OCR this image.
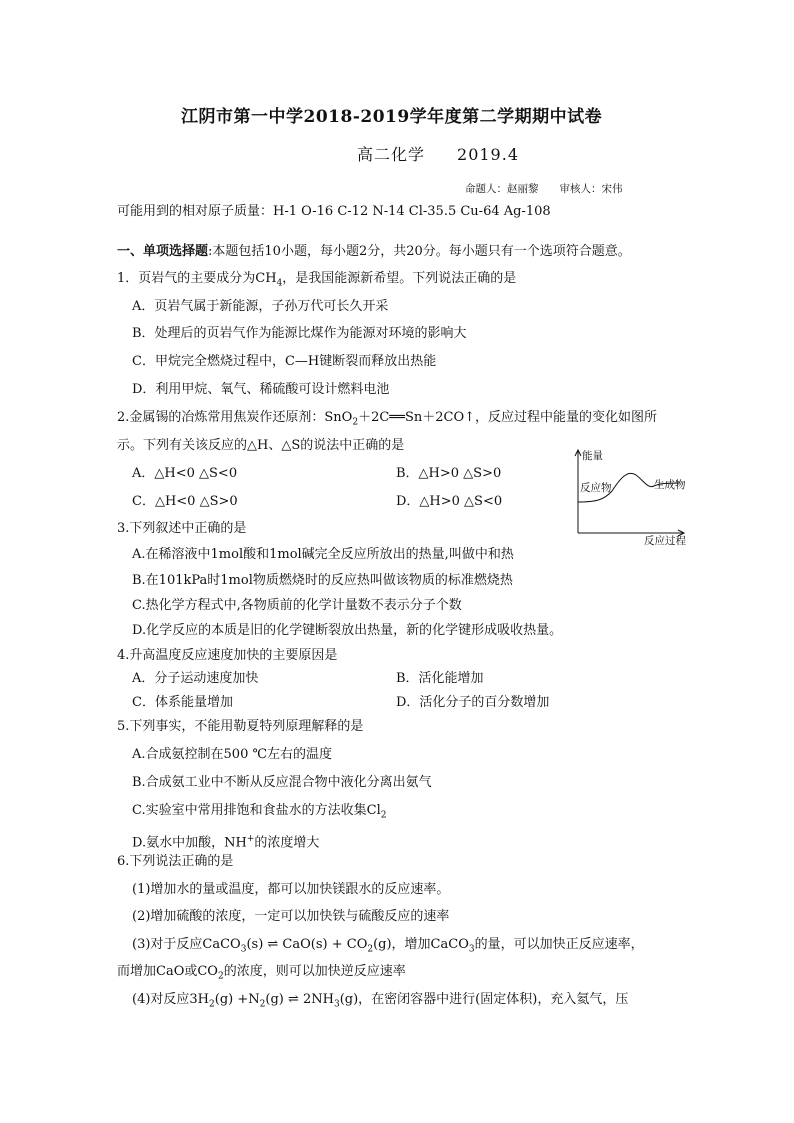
江阴市第一中学2018-2019学年度第二学期期中试卷
高二化学 2019.4
命题人：赵丽黎 审核人：宋伟
可能用到的相对原子质量：H-1 O-16 C-12 N-14 Cl-35.5 Cu-64 Ag-108
一、单项选择题:本题包括10小题，每小题2分，共20分。每小题只有一个选项符合题意。
1．页岩气的主要成分为$CH_4$，是我国能源新希望。下列说法正确的是
A．页岩气属于新能源，子孙万代可长久开采
B．处理后的页岩气作为能源比煤作为能源对环境的影响大
C．甲烷完全燃烧过程中，C—H键断裂而释放出热能
D．利用甲烷、氧气、稀硫酸可设计燃料电池
2.金属锡的冶炼常用焦炭作还原剂：SnO$_2$＋2C══Sn＋2CO↑，反应过程中能量的变化如图所
示。下列有关该反应的△H、△S的说法中正确的是
A．△H<0 △S<0	B．△H>0 △S>0
C．△H<0 △S>0	D．△H>0 △S<0
能量
反应物	生成物
反应过程
3.下列叙述中正确的是
A.在稀溶液中1mol酸和1mol碱完全反应所放出的热量,叫做中和热
B.在101kPa时1mol物质燃烧时的反应热叫做该物质的标准燃烧热
C.热化学方程式中,各物质前的化学计量数不表示分子个数
D.化学反应的本质是旧的化学键断裂放出热量，新的化学键形成吸收热量。
4.升高温度反应速度加快的主要原因是
A．分子运动速度加快	B．活化能增加
C．体系能量增加	D．活化分子的百分数增加
5.下列事实，不能用勒夏特列原理解释的是
A.合成氨控制在500 ℃左右的温度
B.合成氨工业中不断从反应混合物中液化分离出氨气
C.实验室中常用排饱和食盐水的方法收集$Cl_2$
D.氨水中加酸，NH+的浓度增大
6.下列说法正确的是
(1)增加水的量或温度，都可以加快镁跟水的反应速率。
(2)增加硫酸的浓度，一定可以加快铁与硫酸反应的速率
(3)对于反应CaCO$_3$(s) ⇌ $CaO(s) + CO_2(g)$，增加CaCO$_3$的量，可以加快正反应速率，
而增加CaO或$CO_2$的浓度，则可以加快逆反应速率
(4)对反应$3H_2(g) +N_2(g)$ ⇌ $2NH_3(g)$，在密闭容器中进行(固定体积)，充入氦气，压
